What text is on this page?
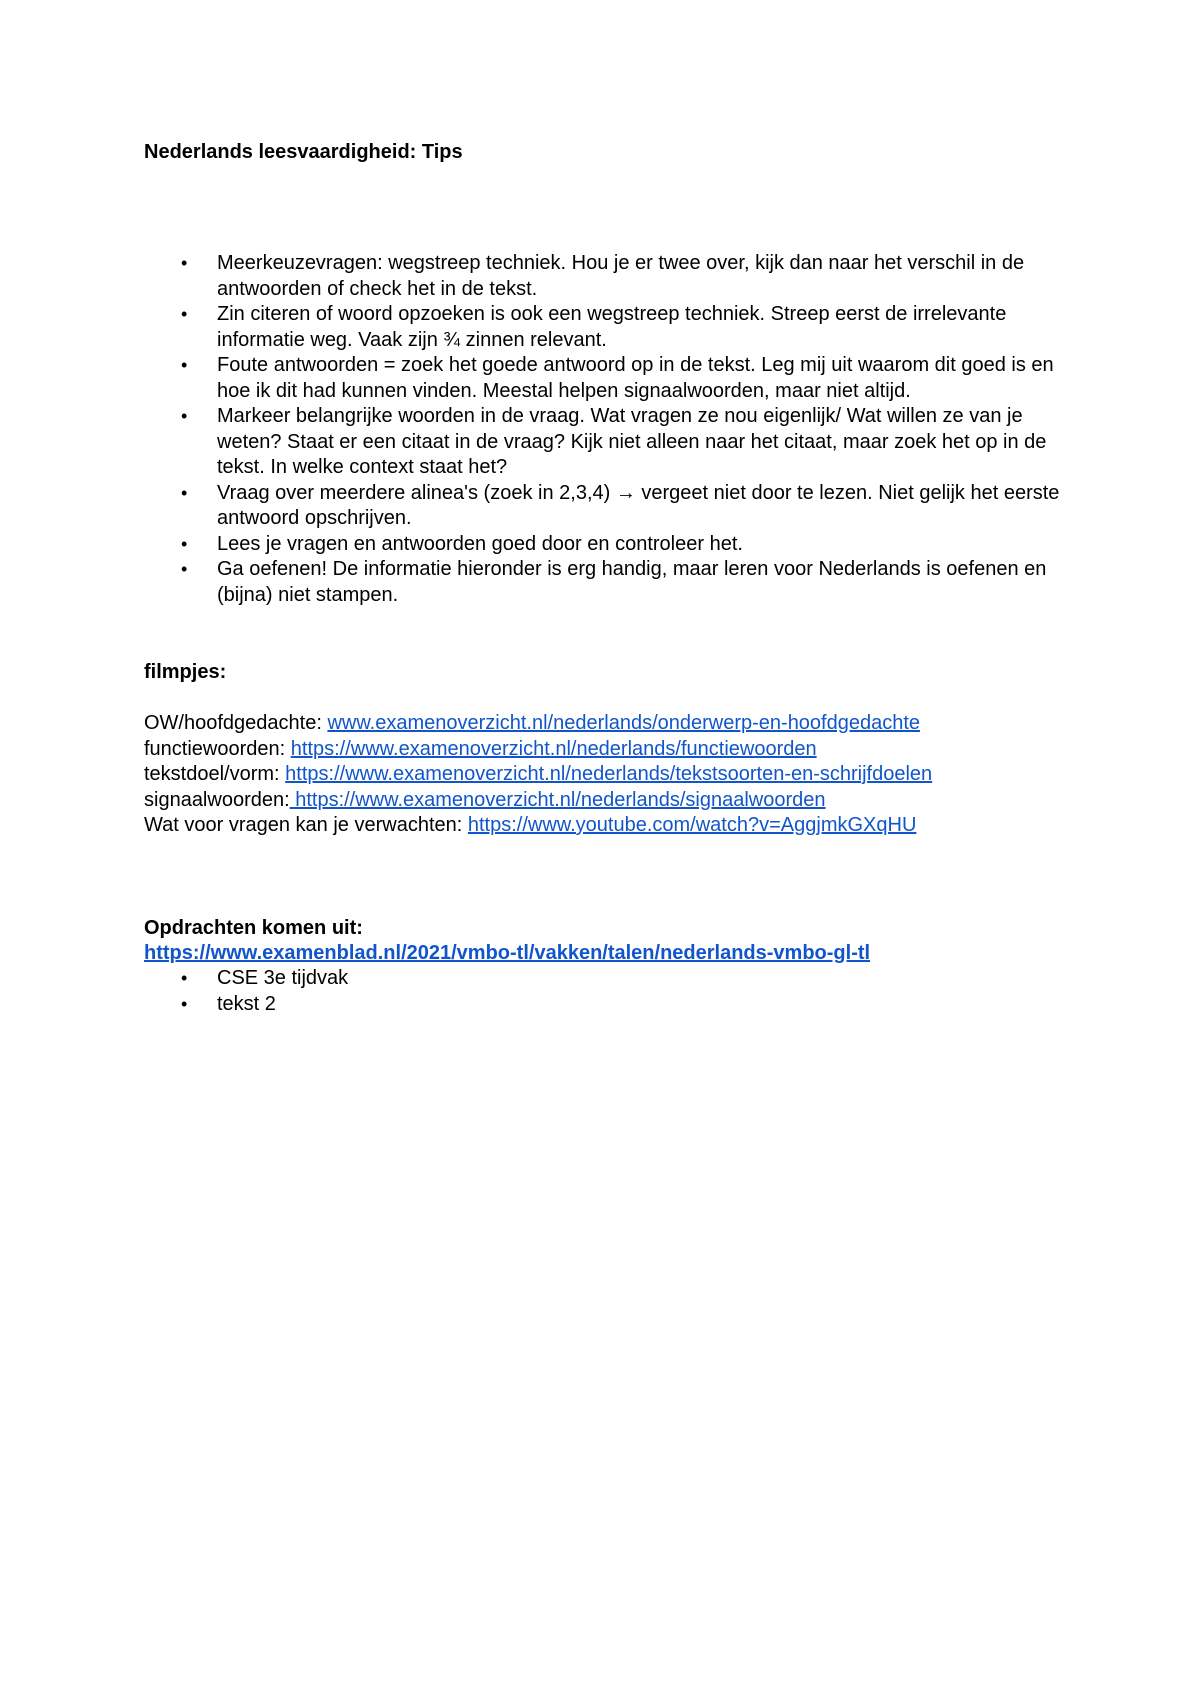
Nederlands leesvaardigheid: Tips

• Meerkeuzevragen: wegstreep techniek. Hou je er twee over, kijk dan naar het verschil in de antwoorden of check het in de tekst.
• Zin citeren of woord opzoeken is ook een wegstreep techniek. Streep eerst de irrelevante informatie weg. Vaak zijn ¾ zinnen relevant.
• Foute antwoorden = zoek het goede antwoord op in de tekst. Leg mij uit waarom dit goed is en hoe ik dit had kunnen vinden. Meestal helpen signaalwoorden, maar niet altijd.
• Markeer belangrijke woorden in de vraag. Wat vragen ze nou eigenlijk/ Wat willen ze van je weten? Staat er een citaat in de vraag? Kijk niet alleen naar het citaat, maar zoek het op in de tekst. In welke context staat het?
• Vraag over meerdere alinea's (zoek in 2,3,4) → vergeet niet door te lezen. Niet gelijk het eerste antwoord opschrijven.
• Lees je vragen en antwoorden goed door en controleer het.
• Ga oefenen! De informatie hieronder is erg handig, maar leren voor Nederlands is oefenen en (bijna) niet stampen.

filmpjes:

OW/hoofdgedachte: www.examenoverzicht.nl/nederlands/onderwerp-en-hoofdgedachte

functiewoorden: https://www.examenoverzicht.nl/nederlands/functiewoorden

tekstdoel/vorm: https://www.examenoverzicht.nl/nederlands/tekstsoorten-en-schrijfdoelen

signaalwoorden: https://www.examenoverzicht.nl/nederlands/signaalwoorden

Wat voor vragen kan je verwachten: https://www.youtube.com/watch?v=AggjmkGXqHU

Opdrachten komen uit:

https://www.examenblad.nl/2021/vmbo-tl/vakken/talen/nederlands-vmbo-gl-tl
• CSE 3e tijdvak
• tekst 2
